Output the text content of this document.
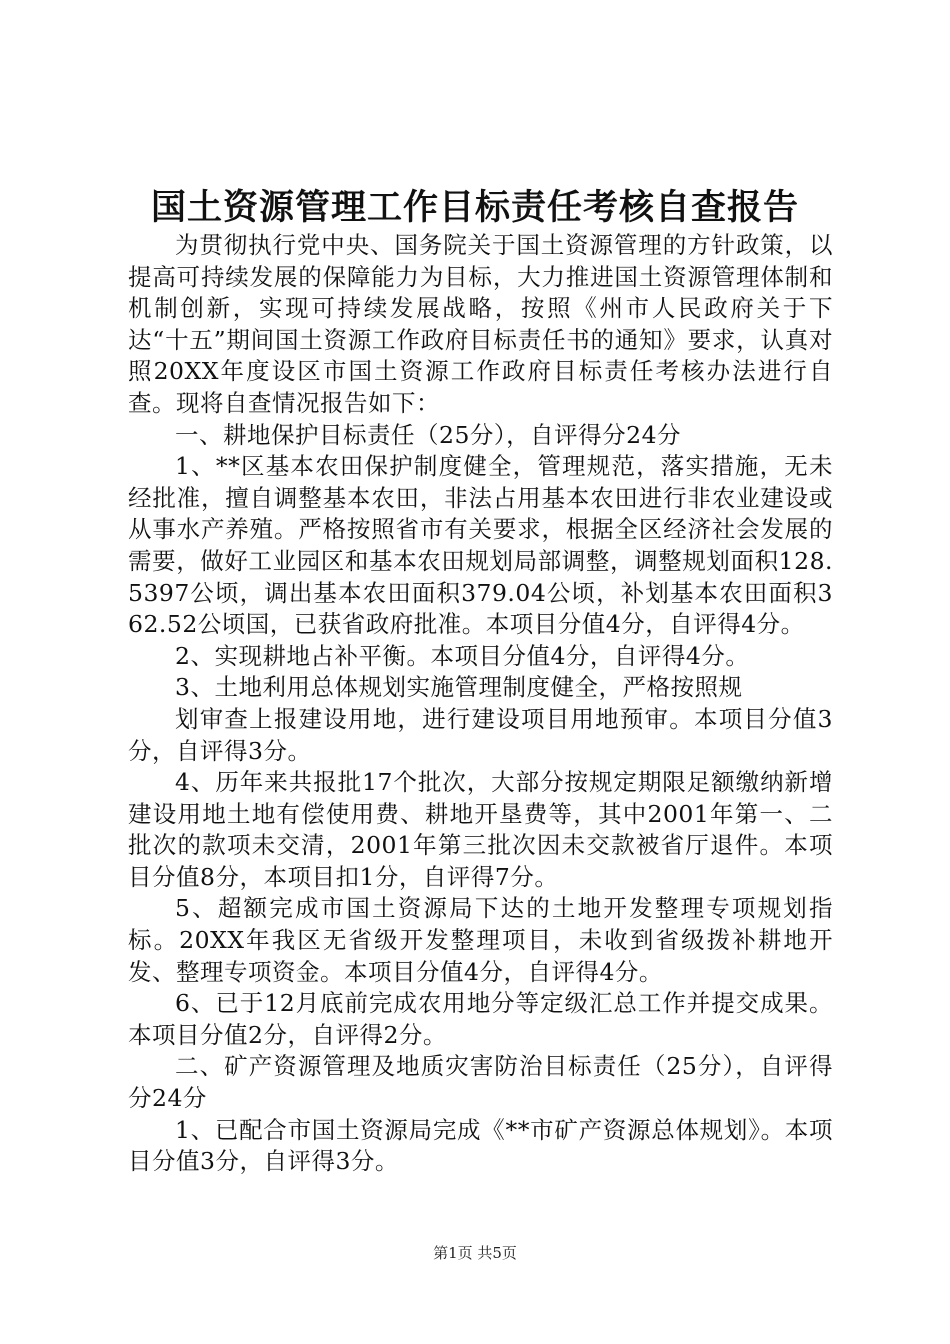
国土资源管理工作目标责任考核自查报告

为贯彻执行党中央、国务院关于国土资源管理的方针政策，以提高可持续发展的保障能力为目标，大力推进国土资源管理体制和机制创新，实现可持续发展战略，按照《州市人民政府关于下达“十五”期间国土资源工作政府目标责任书的通知》要求，认真对照20XX年度设区市国土资源工作政府目标责任考核办法进行自查。现将自查情况报告如下：

一、耕地保护目标责任（25分），自评得分24分

1、**区基本农田保护制度健全，管理规范，落实措施，无未经批准，擅自调整基本农田，非法占用基本农田进行非农业建设或从事水产养殖。严格按照省市有关要求，根据全区经济社会发展的需要，做好工业园区和基本农田规划局部调整，调整规划面积128.5397公顷，调出基本农田面积379.04公顷，补划基本农田面积362.52公顷国，已获省政府批准。本项目分值4分，自评得4分。

2、实现耕地占补平衡。本项目分值4分，自评得4分。

3、土地利用总体规划实施管理制度健全，严格按照规

划审查上报建设用地，进行建设项目用地预审。本项目分值3分，自评得3分。

4、历年来共报批17个批次，大部分按规定期限足额缴纳新增建设用地土地有偿使用费、耕地开垦费等，其中2001年第一、二批次的款项未交清，2001年第三批次因未交款被省厅退件。本项目分值8分，本项目扣1分，自评得7分。

5、超额完成市国土资源局下达的土地开发整理专项规划指标。20XX年我区无省级开发整理项目，未收到省级拨补耕地开发、整理专项资金。本项目分值4分，自评得4分。

6、已于12月底前完成农用地分等定级汇总工作并提交成果。本项目分值2分，自评得2分。

二、矿产资源管理及地质灾害防治目标责任（25分），自评得分24分

1、已配合市国土资源局完成《**市矿产资源总体规划》。本项目分值3分，自评得3分。

第1页 共5页
